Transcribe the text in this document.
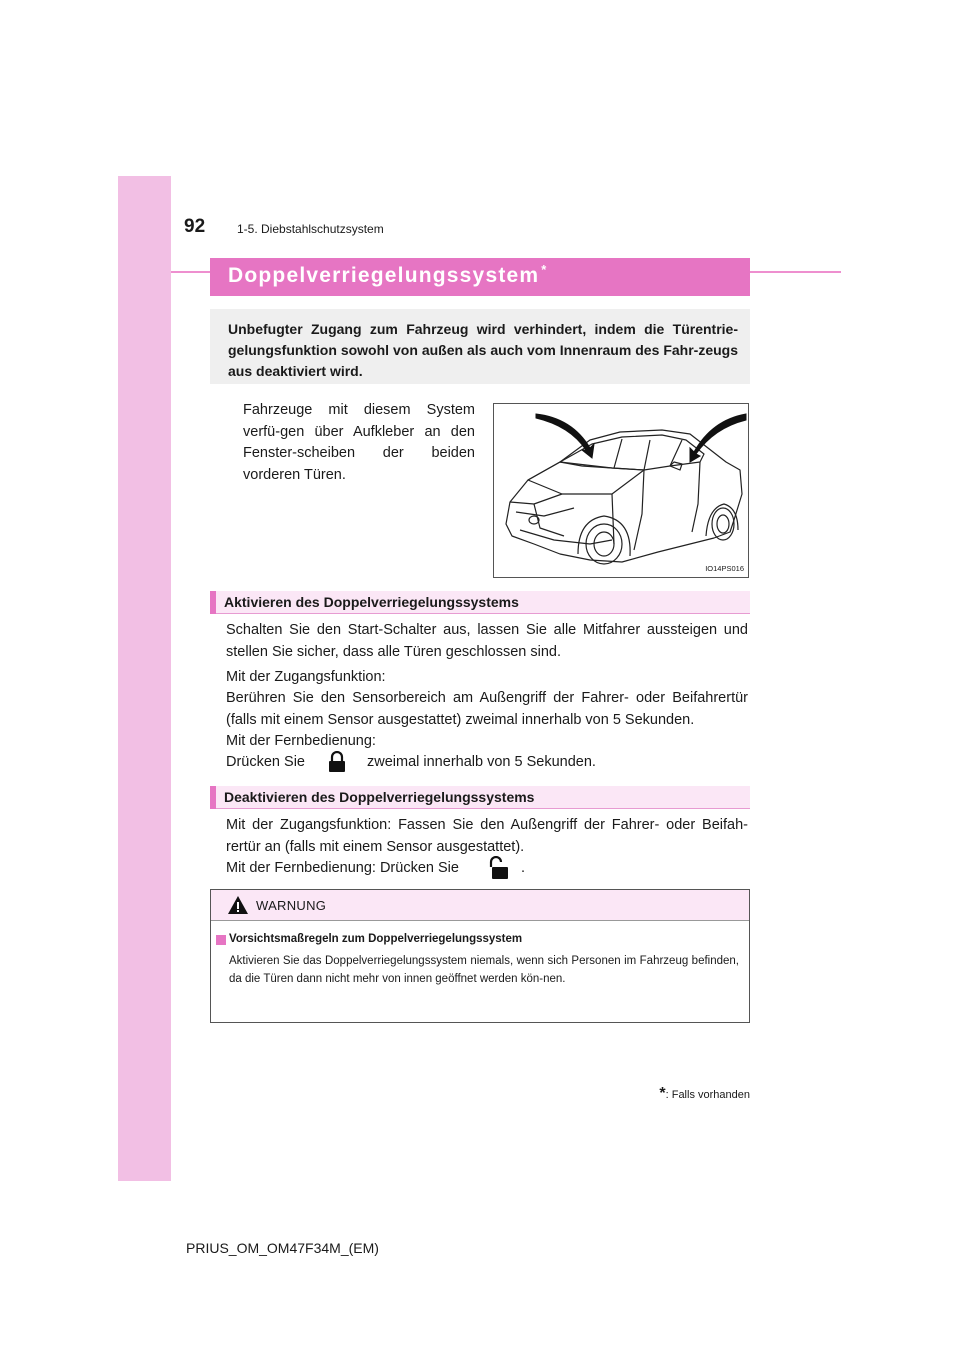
92	1-5. Diebstahlschutzsystem
Doppelverriegelungssystem *
Unbefugter Zugang zum Fahrzeug wird verhindert, indem die Türentrie-gelungsfunktion sowohl von außen als auch vom Innenraum des Fahr-zeugs aus deaktiviert wird.
Fahrzeuge mit diesem System verfü-gen über Aufkleber an den Fenster-scheiben der beiden vorderen Türen.
IO14PS016
Aktivieren des Doppelverriegelungssystems
Schalten Sie den Start-Schalter aus, lassen Sie alle Mitfahrer aussteigen und stellen Sie sicher, dass alle Türen geschlossen sind.
Mit der Zugangsfunktion:
Berühren Sie den Sensorbereich am Außengriff der Fahrer- oder Beifahrertür (falls mit einem Sensor ausgestattet) zweimal innerhalb von 5 Sekunden.
Mit der Fernbedienung:
Drücken Sie	zweimal innerhalb von 5 Sekunden.
Deaktivieren des Doppelverriegelungssystems
Mit der Zugangsfunktion: Fassen Sie den Außengriff der Fahrer- oder Beifah-rertür an (falls mit einem Sensor ausgestattet).
Mit der Fernbedienung: Drücken Sie	.
WARNUNG
Vorsichtsmaßregeln zum Doppelverriegelungssystem
Aktivieren Sie das Doppelverriegelungssystem niemals, wenn sich Personen im Fahrzeug befinden, da die Türen dann nicht mehr von innen geöffnet werden kön-nen.
*: Falls vorhanden
PRIUS_OM_OM47F34M_(EM)
